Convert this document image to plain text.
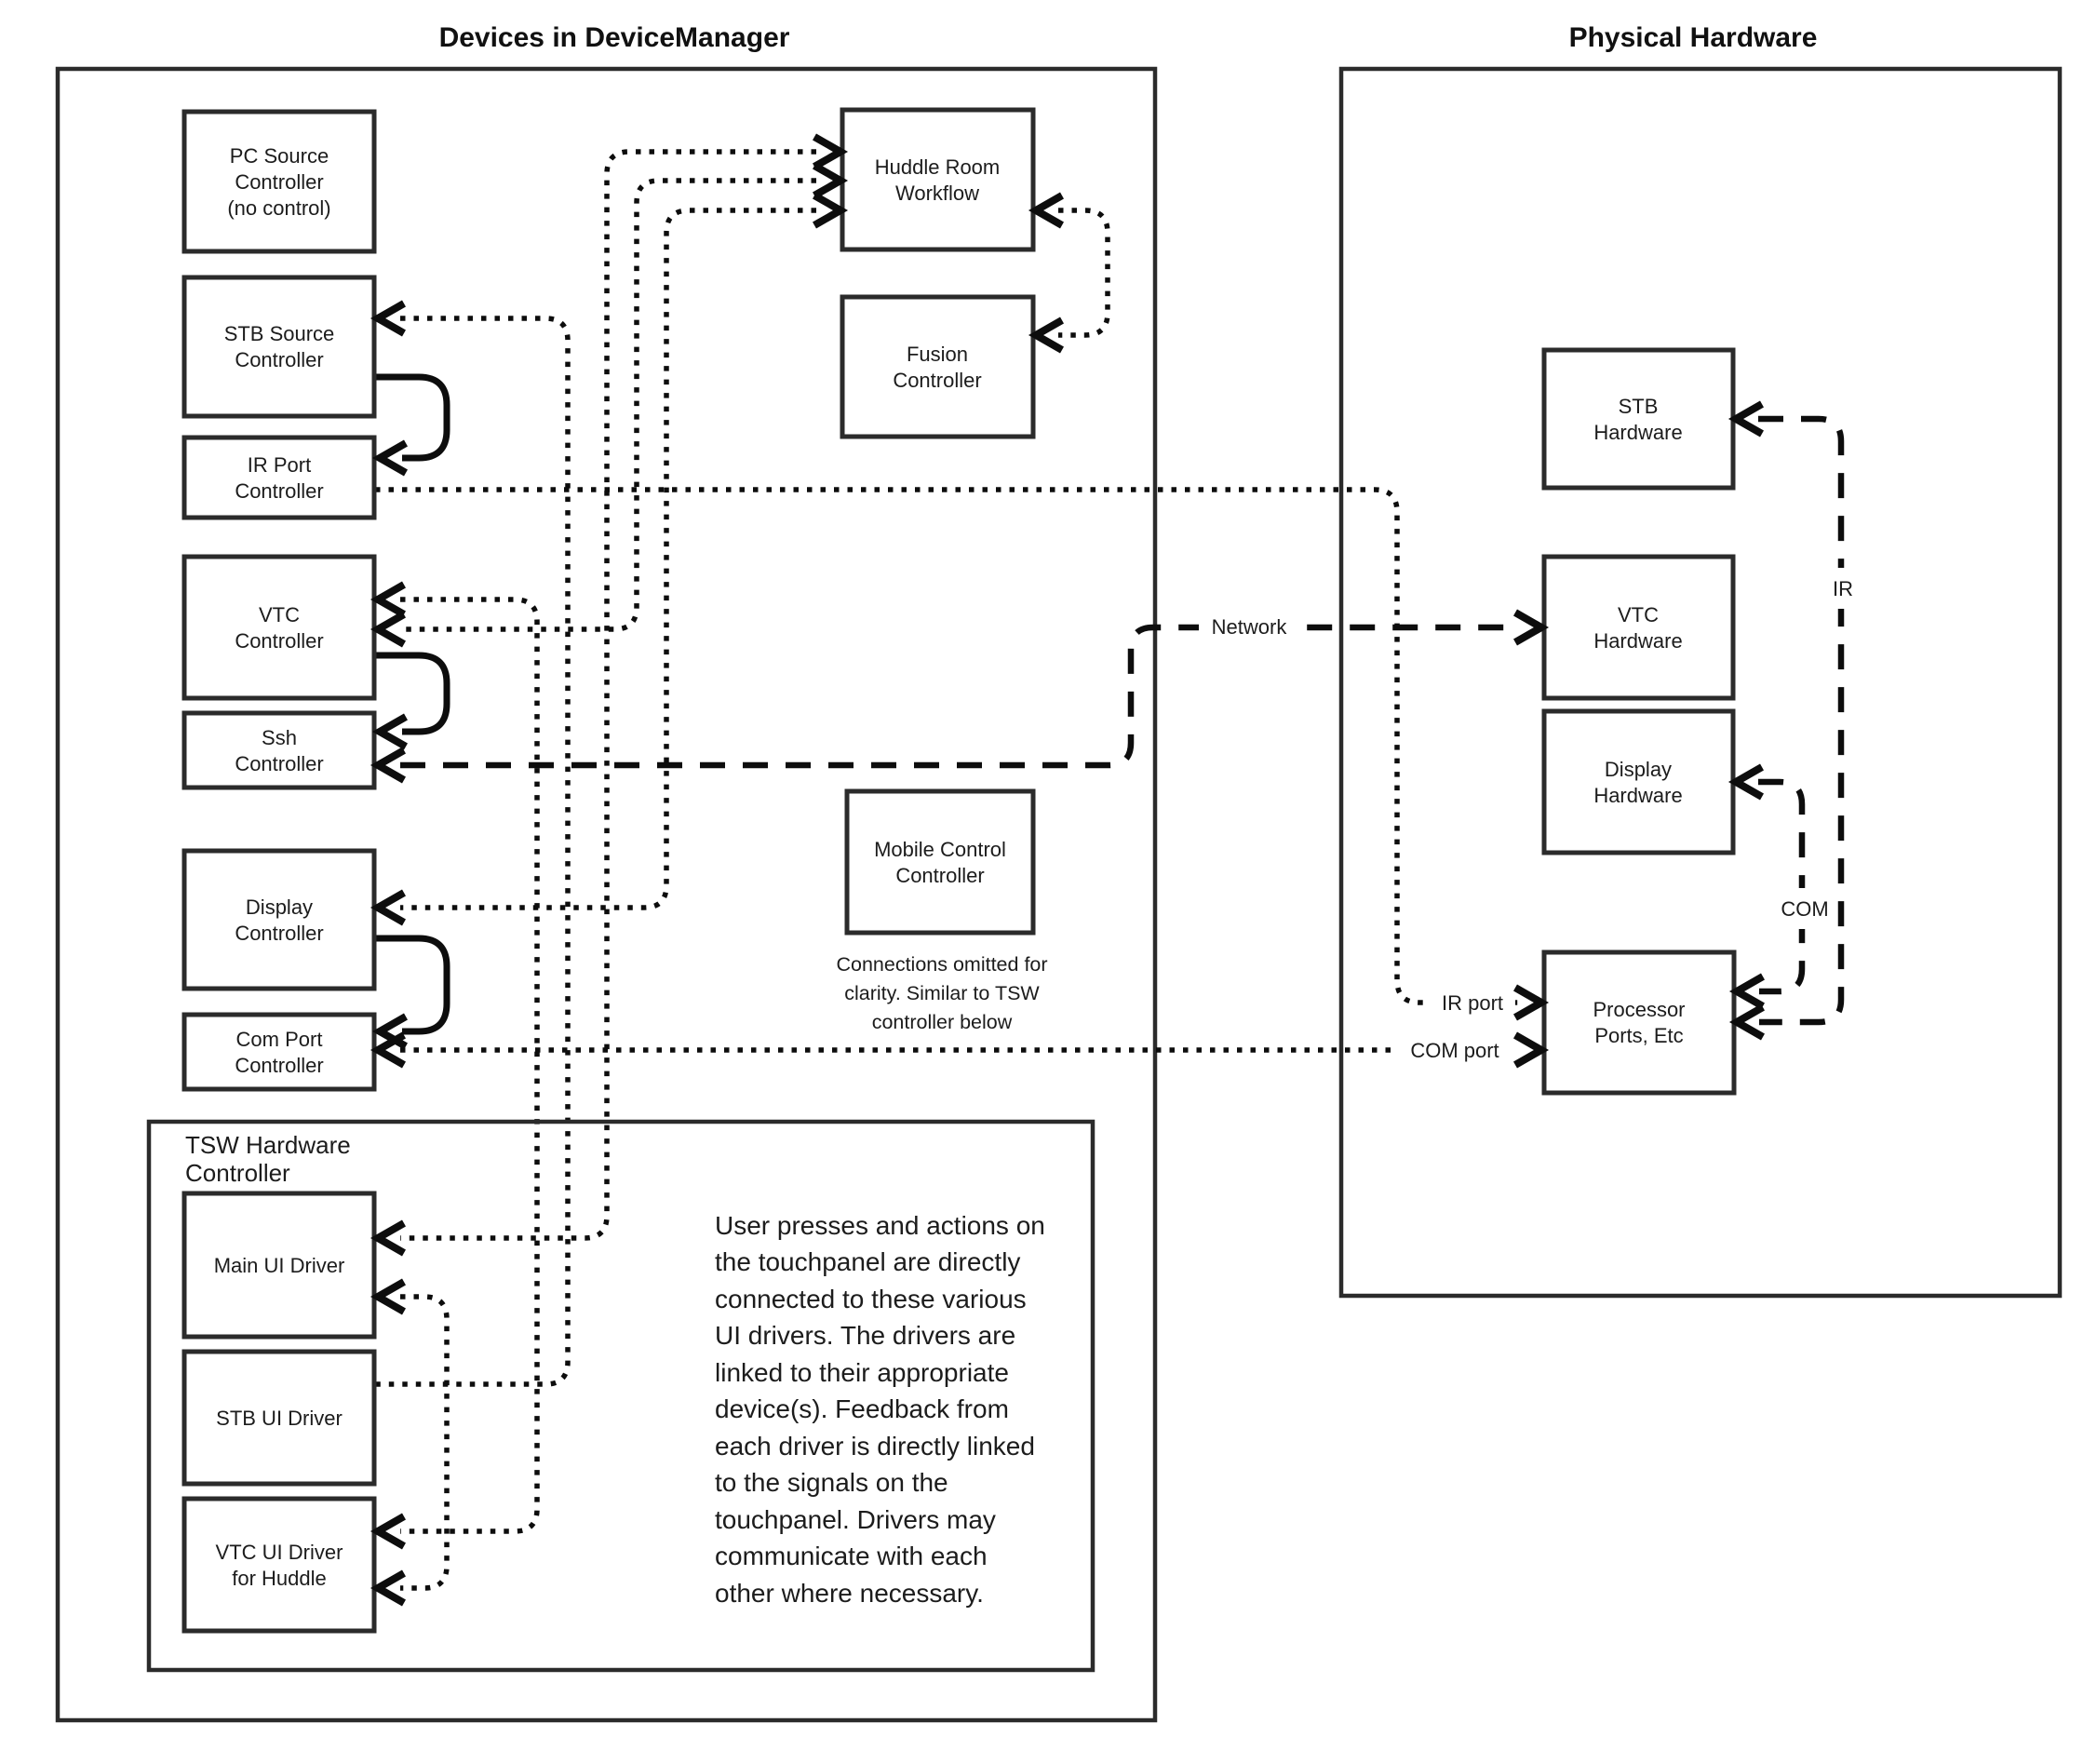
Devices in DeviceManager	Physical Hardware
Network
IR
COM
IR port
COM port
TSW Hardware
Controller
PC Source
Controller
(no control)
STB Source
Controller
IR Port
Controller
VTC
Controller
Ssh
Controller
Display
Controller
Com Port
Controller
Main UI Driver
STB UI Driver
VTC UI Driver
for Huddle
Huddle Room
Workflow
Fusion
Controller
Mobile Control
Controller
Connections omitted for
clarity. Similar to TSW
controller below
STB
Hardware
VTC
Hardware
Display
Hardware
Processor
Ports, Etc
User presses and actions on
the touchpanel are directly
connected to these various
UI drivers. The drivers are
linked to their appropriate
device(s). Feedback from
each driver is directly linked
to the signals on the
touchpanel. Drivers may
communicate with each
other where necessary.
